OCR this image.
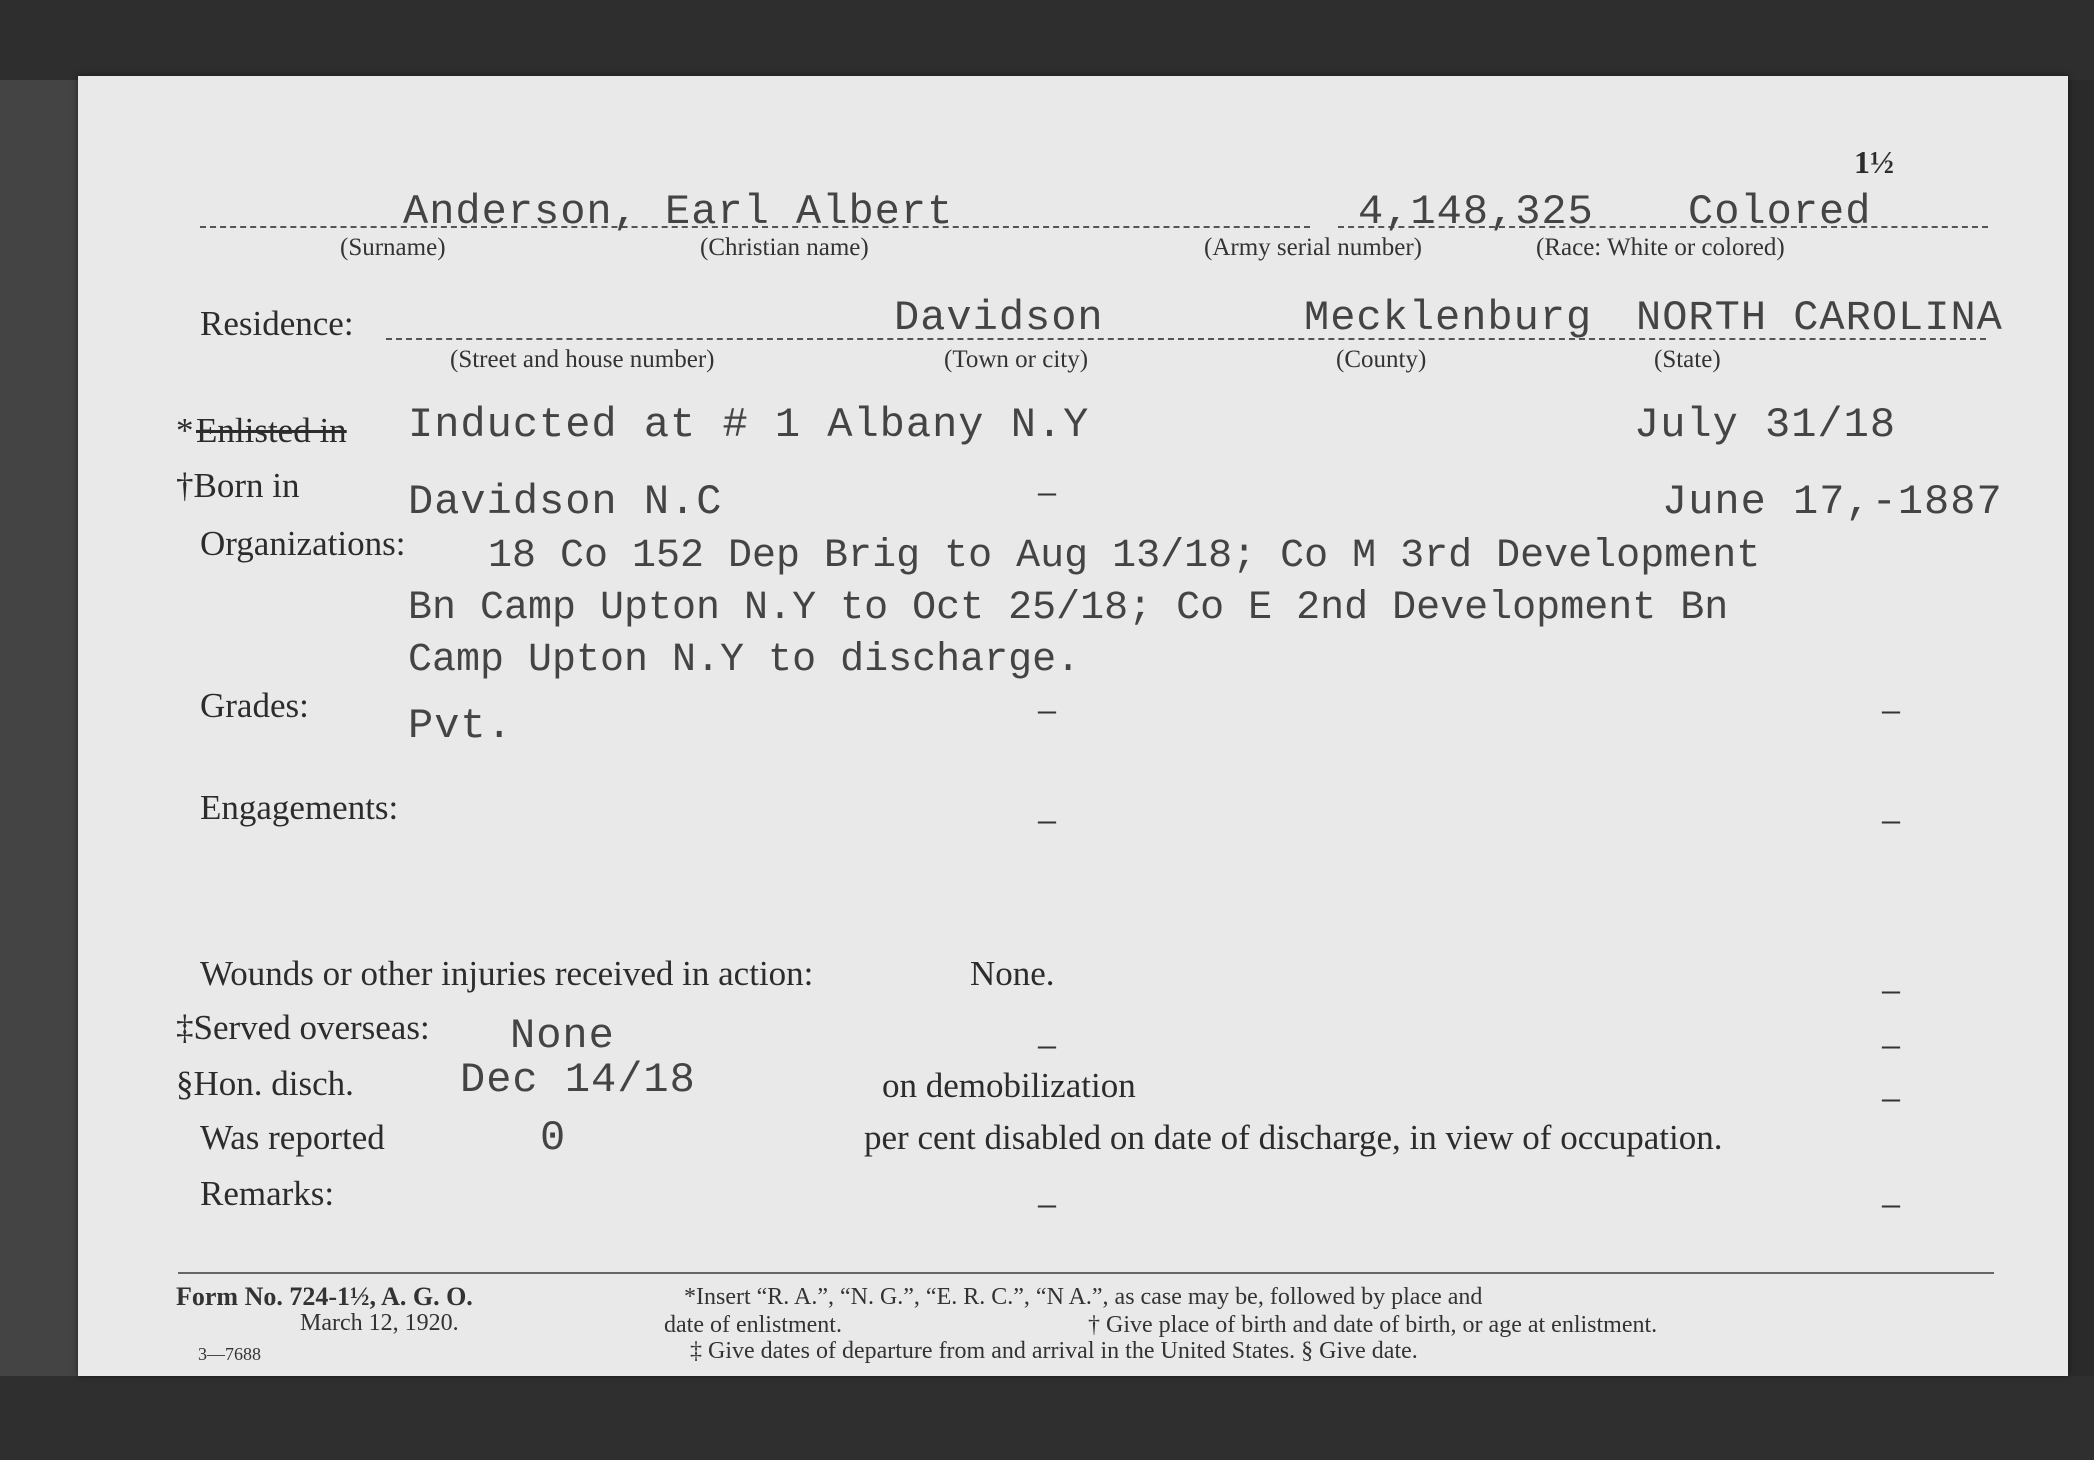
1½
Anderson, Earl Albert	4,148,325 Colored
(Surname)	(Christian name)	(Army serial number)	(Race: White or colored)
Residence:	Davidson	Mecklenburg NORTH CAROLINA
(Street and house number)	(Town or city)	(County)	(State)
* Enlisted in Inducted at # 1 Albany N.Y	July 31/18
†Born in	Davidson N.C	—	June 17,-1887
Organizations: 18 Co 152 Dep Brig to Aug 13/18; Co M 3rd Development
Bn Camp Upton N.Y to Oct 25/18; Co E 2nd Development Bn
Camp Upton N.Y to discharge.
Grades: Pvt.	—	—
Engagements:	—	—
Wounds or other injuries received in action:	None.	—
‡Served overseas: None	—	—
§Hon. disch.	Dec 14/18	on demobilization	—
Was reported	0	per cent disabled on date of discharge, in view of occupation.
Remarks:	—	—
Form No. 724-1½, A. G. O.
March 12, 1920.
3—7688
*Insert “R. A.”, “N. G.”, “E. R. C.”, “N A.”, as case may be, followed by place and
date of enlistment.	† Give place of birth and date of birth, or age at enlistment.
‡ Give dates of departure from and arrival in the United States. § Give date.
